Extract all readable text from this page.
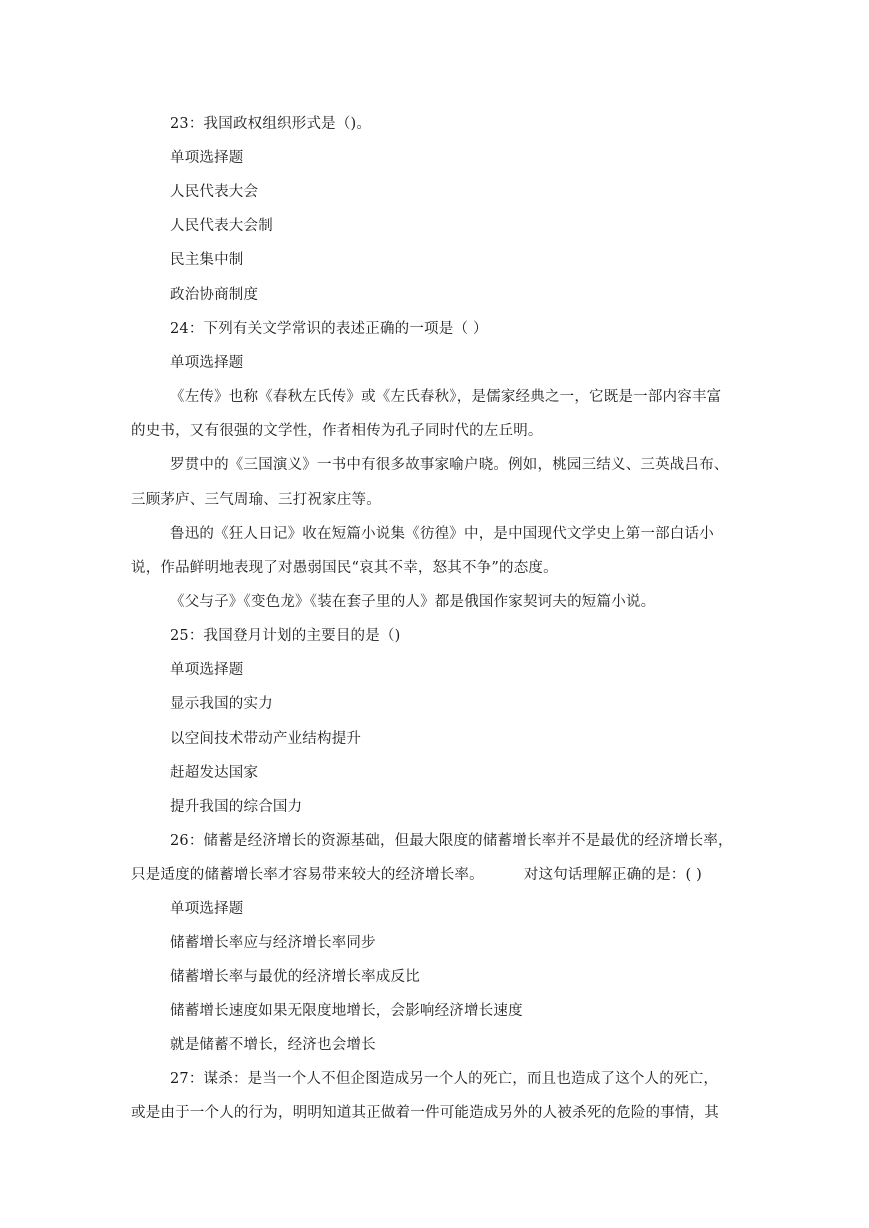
23：我国政权组织形式是（)。
单项选择题
人民代表大会
人民代表大会制
民主集中制
政治协商制度
24：下列有关文学常识的表述正确的一项是（ ）
单项选择题
《左传》也称《春秋左氏传》或《左氏春秋》，是儒家经典之一，它既是一部内容丰富
的史书，又有很强的文学性，作者相传为孔子同时代的左丘明。
罗贯中的《三国演义》一书中有很多故事家喻户晓。例如，桃园三结义、三英战吕布、
三顾茅庐、三气周瑜、三打祝家庄等。
鲁迅的《狂人日记》收在短篇小说集《彷徨》中，是中国现代文学史上第一部白话小
说，作品鲜明地表现了对愚弱国民“哀其不幸，怒其不争”的态度。
《父与子》《变色龙》《装在套子里的人》都是俄国作家契诃夫的短篇小说。
25：我国登月计划的主要目的是（)
单项选择题
显示我国的实力
以空间技术带动产业结构提升
赶超发达国家
提升我国的综合国力
26：储蓄是经济增长的资源基础，但最大限度的储蓄增长率并不是最优的经济增长率，
只是适度的储蓄增长率才容易带来较大的经济增长率。	对这句话理解正确的是：( )
单项选择题
储蓄增长率应与经济增长率同步
储蓄增长率与最优的经济增长率成反比
储蓄增长速度如果无限度地增长，会影响经济增长速度
就是储蓄不增长，经济也会增长
27：谋杀：是当一个人不但企图造成另一个人的死亡，而且也造成了这个人的死亡，
或是由于一个人的行为，明明知道其正做着一件可能造成另外的人被杀死的危险的事情，其
